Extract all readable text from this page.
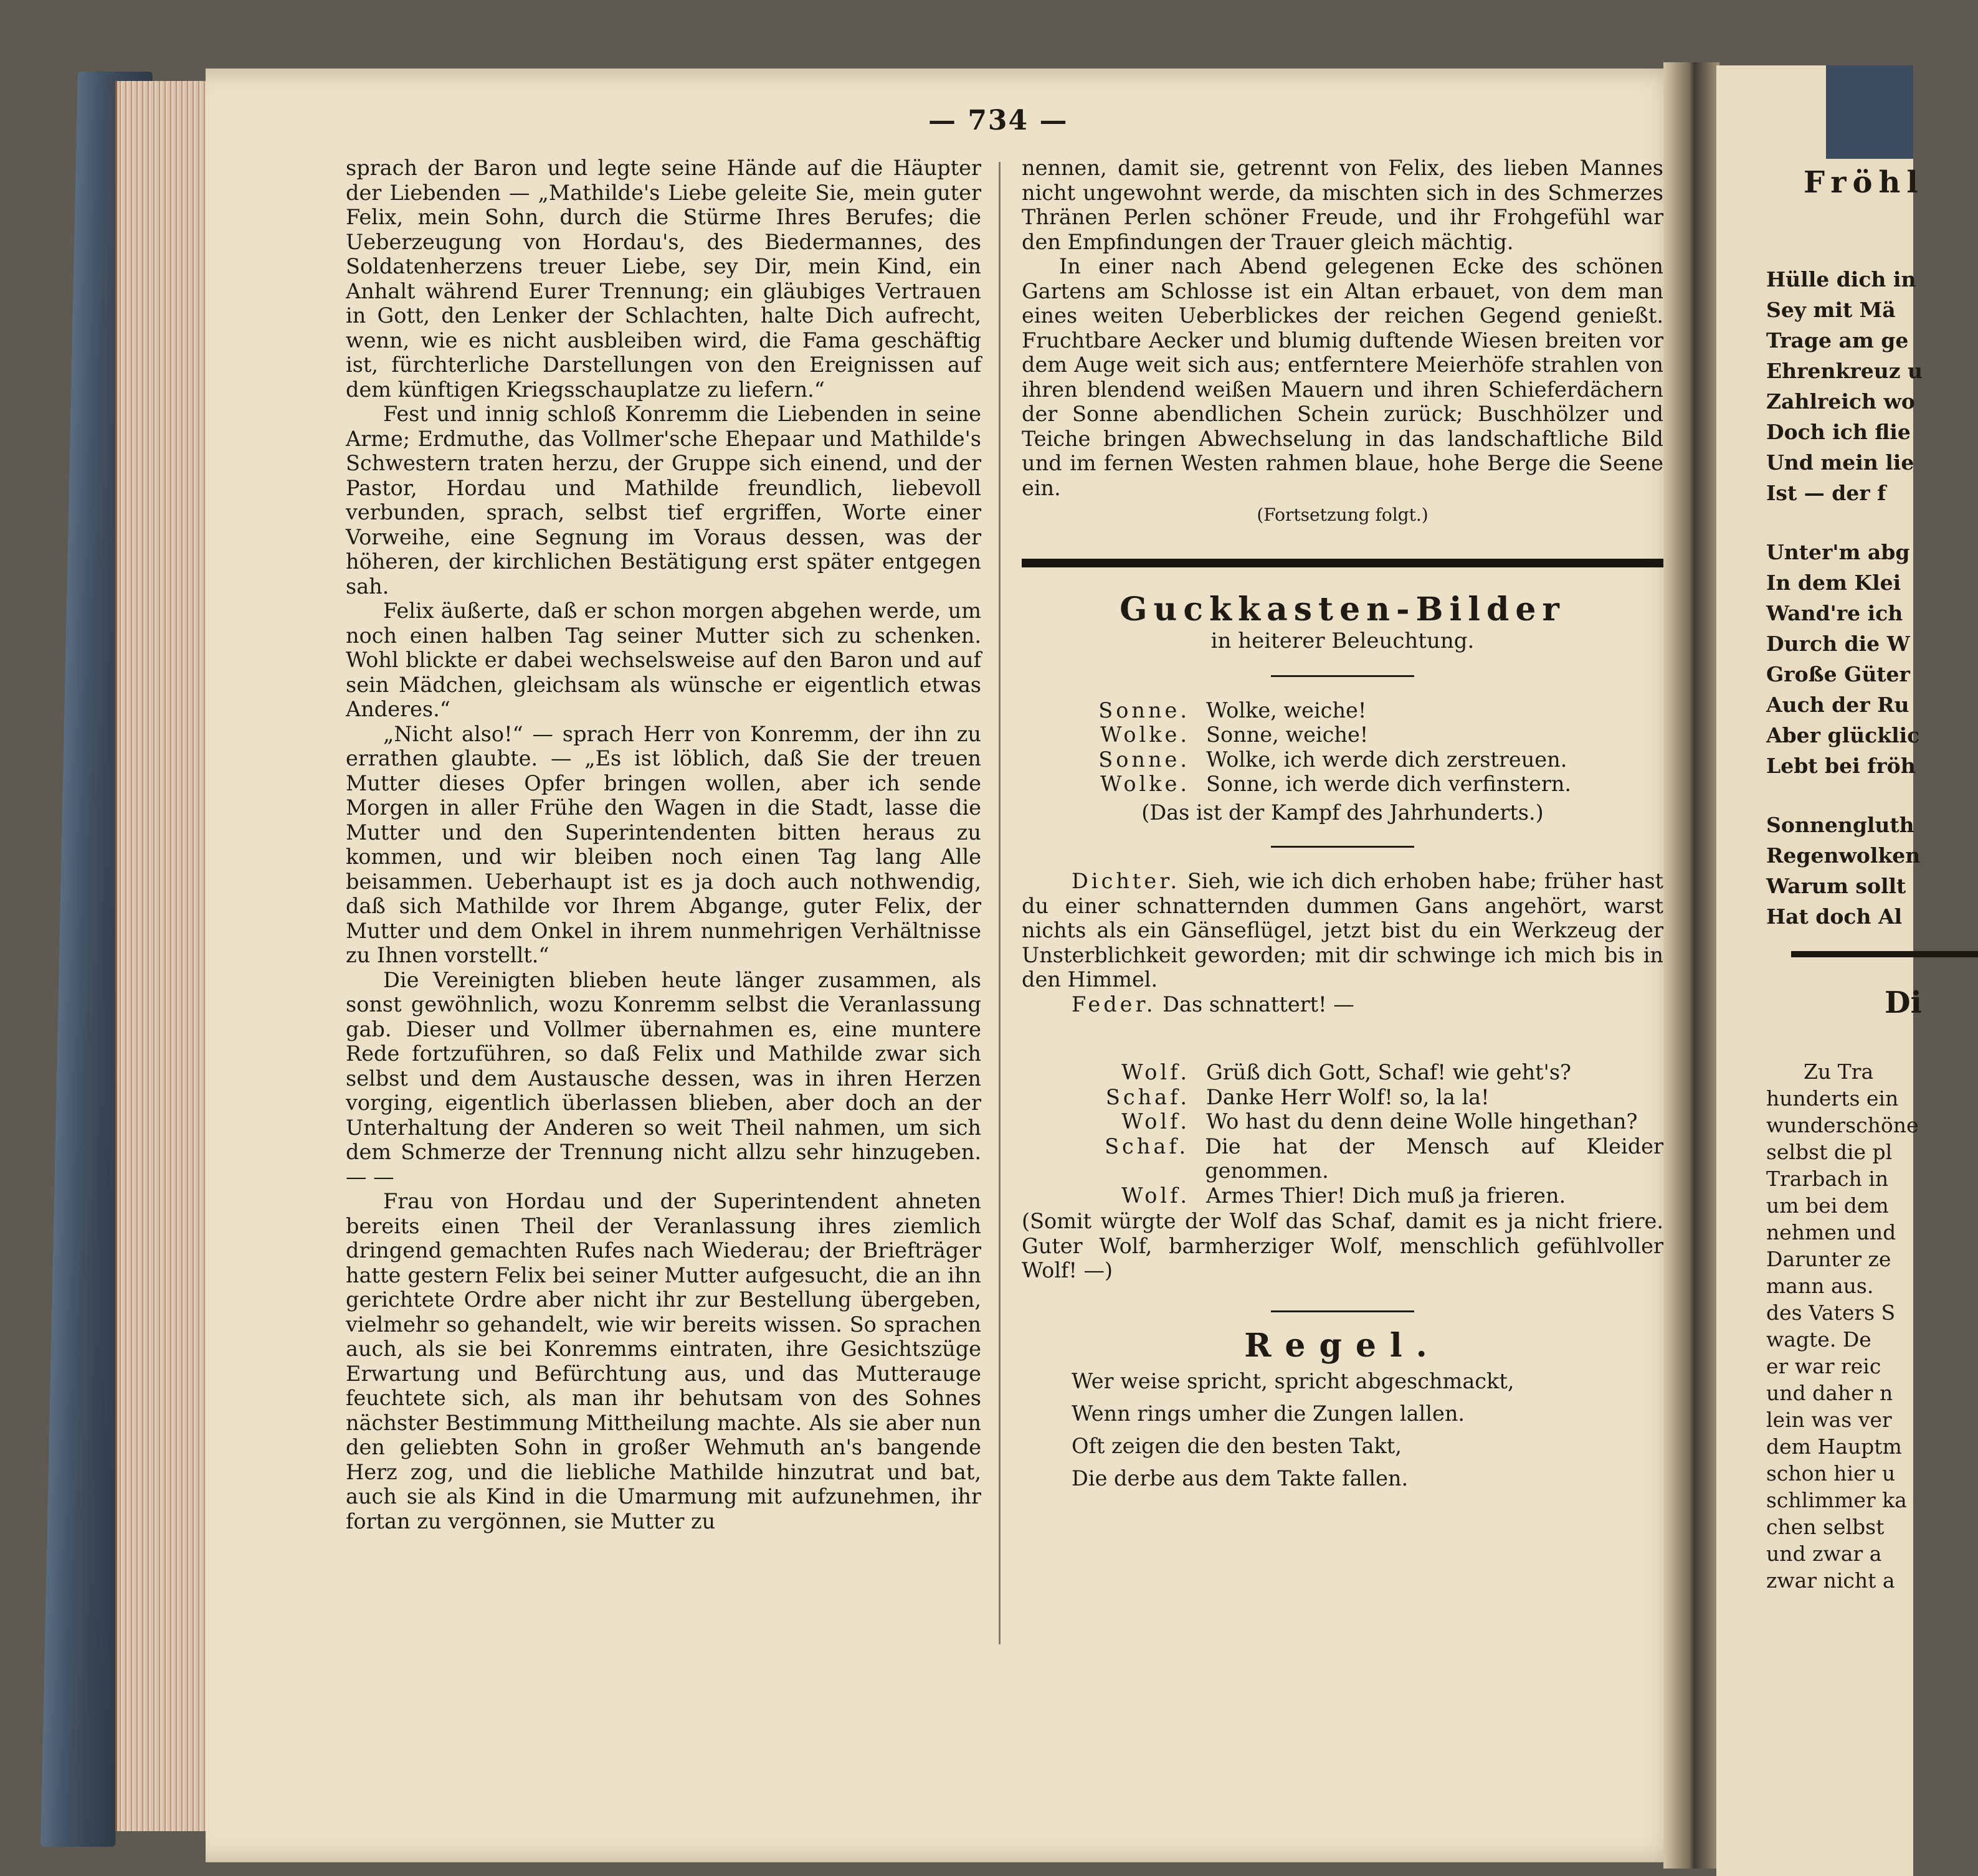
— 734 —

sprach der Baron und legte seine Hände auf die Häupter der Liebenden — „Mathilde's Liebe geleite Sie, mein guter Felix, mein Sohn, durch die Stürme Ihres Berufes; die Ueberzeugung von Hordau's, des Biedermannes, des Soldatenherzens treuer Liebe, sey Dir, mein Kind, ein Anhalt während Eurer Trennung; ein gläubiges Vertrauen in Gott, den Lenker der Schlachten, halte Dich aufrecht, wenn, wie es nicht ausbleiben wird, die Fama geschäftig ist, fürchterliche Darstellungen von den Ereignissen auf dem künftigen Kriegsschauplatze zu liefern.“

Fest und innig schloß Konremm die Liebenden in seine Arme; Erdmuthe, das Vollmer'sche Ehepaar und Mathilde's Schwestern traten herzu, der Gruppe sich einend, und der Pastor, Hordau und Mathilde freundlich, liebevoll verbunden, sprach, selbst tief ergriffen, Worte einer Vorweihe, eine Segnung im Voraus dessen, was der höheren, der kirchlichen Bestätigung erst später entgegen sah.

Felix äußerte, daß er schon morgen abgehen werde, um noch einen halben Tag seiner Mutter sich zu schenken. Wohl blickte er dabei wechselsweise auf den Baron und auf sein Mädchen, gleichsam als wünsche er eigentlich etwas Anderes.“

„Nicht also!“ — sprach Herr von Konremm, der ihn zu errathen glaubte. — „Es ist löblich, daß Sie der treuen Mutter dieses Opfer bringen wollen, aber ich sende Morgen in aller Frühe den Wagen in die Stadt, lasse die Mutter und den Superintendenten bitten heraus zu kommen, und wir bleiben noch einen Tag lang Alle beisammen. Ueberhaupt ist es ja doch auch nothwendig, daß sich Mathilde vor Ihrem Abgange, guter Felix, der Mutter und dem Onkel in ihrem nunmehrigen Verhältnisse zu Ihnen vorstellt.“

Die Vereinigten blieben heute länger zusammen, als sonst gewöhnlich, wozu Konremm selbst die Veranlassung gab. Dieser und Vollmer übernahmen es, eine muntere Rede fortzuführen, so daß Felix und Mathilde zwar sich selbst und dem Austausche dessen, was in ihren Herzen vorging, eigentlich überlassen blieben, aber doch an der Unterhaltung der Anderen so weit Theil nahmen, um sich dem Schmerze der Trennung nicht allzu sehr hinzugeben. — —

Frau von Hordau und der Superintendent ahneten bereits einen Theil der Veranlassung ihres ziemlich dringend gemachten Rufes nach Wiederau; der Briefträger hatte gestern Felix bei seiner Mutter aufgesucht, die an ihn gerichtete Ordre aber nicht ihr zur Bestellung übergeben, vielmehr so gehandelt, wie wir bereits wissen. So sprachen auch, als sie bei Konremms eintraten, ihre Gesichtszüge Erwartung und Befürchtung aus, und das Mutterauge feuchtete sich, als man ihr behutsam von des Sohnes nächster Bestimmung Mittheilung machte. Als sie aber nun den geliebten Sohn in großer Wehmuth an's bangende Herz zog, und die liebliche Mathilde hinzutrat und bat, auch sie als Kind in die Umarmung mit aufzunehmen, ihr fortan zu vergönnen, sie Mutter zu

nennen, damit sie, getrennt von Felix, des lieben Mannes nicht ungewohnt werde, da mischten sich in des Schmerzes Thränen Perlen schöner Freude, und ihr Frohgefühl war den Empfindungen der Trauer gleich mächtig.

In einer nach Abend gelegenen Ecke des schönen Gartens am Schlosse ist ein Altan erbauet, von dem man eines weiten Ueberblickes der reichen Gegend genießt. Fruchtbare Aecker und blumig duftende Wiesen breiten vor dem Auge weit sich aus; entferntere Meierhöfe strahlen von ihren blendend weißen Mauern und ihren Schieferdächern der Sonne abendlichen Schein zurück; Buschhölzer und Teiche bringen Abwechselung in das landschaftliche Bild und im fernen Westen rahmen blaue, hohe Berge die Seene ein.

(Fortsetzung folgt.)

Guckkasten-Bilder

in heiterer Beleuchtung.

Sonne. Wolke, weiche!
Wolke. Sonne, weiche!
Sonne. Wolke, ich werde dich zerstreuen.
Wolke. Sonne, ich werde dich verfinstern.

(Das ist der Kampf des Jahrhunderts.)

Dichter. Sieh, wie ich dich erhoben habe; früher hast du einer schnatternden dummen Gans angehört, warst nichts als ein Gänseflügel, jetzt bist du ein Werkzeug der Unsterblichkeit geworden; mit dir schwinge ich mich bis in den Himmel.

Feder. Das schnattert! —

Wolf. Grüß dich Gott, Schaf! wie geht's?
Schaf. Danke Herr Wolf! so, la la!
Wolf. Wo hast du denn deine Wolle hingethan?
Schaf. Die hat der Mensch auf Kleider genommen.
Wolf. Armes Thier! Dich muß ja frieren.

(Somit würgte der Wolf das Schaf, damit es ja nicht friere. Guter Wolf, barmherziger Wolf, menschlich gefühlvoller Wolf! —)

Regel.

Wer weise spricht, spricht abgeschmackt,
Wenn rings umher die Zungen lallen.
Oft zeigen die den besten Takt,
Die derbe aus dem Takte fallen.
Fröhl
Hülle dich in
Sey mit Mä
Trage am ge
Ehrenkreuz u
Zahlreich wo
Doch ich flie
Und mein lie
Ist — der f
Unter'm abg
In dem Klei
Wand're ich
Durch die W
Große Güter
Auch der Ru
Aber glücklic
Lebt bei fröh
Sonnengluth
Regenwolken
Warum sollt
Hat doch Al
Di
Zu Tra
hunderts ein
wunderschöne
selbst die pl
Trarbach in
um bei dem
nehmen und
Darunter ze
mann aus.
des Vaters S
wagte. De
er war reic
und daher n
lein was ver
dem Hauptm
schon hier u
schlimmer ka
chen selbst
und zwar a
zwar nicht a
